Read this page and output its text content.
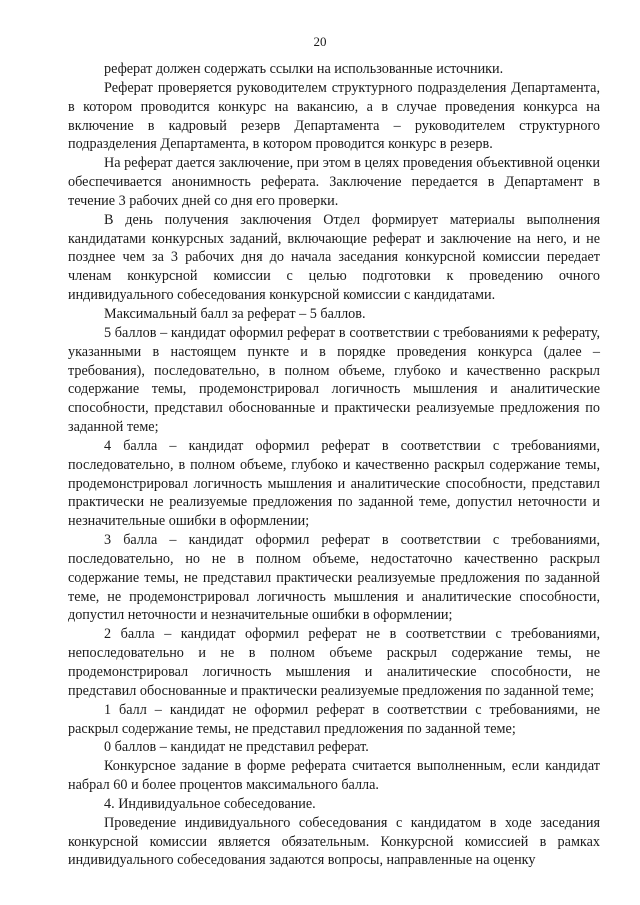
20

реферат должен содержать ссылки на использованные источники.

Реферат проверяется руководителем структурного подразделения Департамента, в котором проводится конкурс на вакансию, а в случае проведения конкурса на включение в кадровый резерв Департамента – руководителем структурного подразделения Департамента, в котором проводится конкурс в резерв.

На реферат дается заключение, при этом в целях проведения объективной оценки обеспечивается анонимность реферата. Заключение передается в Департамент в течение 3 рабочих дней со дня его проверки.

В день получения заключения Отдел формирует материалы выполнения кандидатами конкурсных заданий, включающие реферат и заключение на него, и не позднее чем за 3 рабочих дня до начала заседания конкурсной комиссии передает членам конкурсной комиссии с целью подготовки к проведению очного индивидуального собеседования конкурсной комиссии с кандидатами.

Максимальный балл за реферат – 5 баллов.

5 баллов – кандидат оформил реферат в соответствии с требованиями к реферату, указанными в настоящем пункте и в порядке проведения конкурса (далее – требования), последовательно, в полном объеме, глубоко и качественно раскрыл содержание темы, продемонстрировал логичность мышления и аналитические способности, представил обоснованные и практически реализуемые предложения по заданной теме;

4 балла – кандидат оформил реферат в соответствии с требованиями, последовательно, в полном объеме, глубоко и качественно раскрыл содержание темы, продемонстрировал логичность мышления и аналитические способности, представил практически не реализуемые предложения по заданной теме, допустил неточности и незначительные ошибки в оформлении;

3 балла – кандидат оформил реферат в соответствии с требованиями, последовательно, но не в полном объеме, недостаточно качественно раскрыл содержание темы, не представил практически реализуемые предложения по заданной теме, не продемонстрировал логичность мышления и аналитические способности, допустил неточности и незначительные ошибки в оформлении;

2 балла – кандидат оформил реферат не в соответствии с требованиями, непоследовательно и не в полном объеме раскрыл содержание темы, не продемонстрировал логичность мышления и аналитические способности, не представил обоснованные и практически реализуемые предложения по заданной теме;

1 балл – кандидат не оформил реферат в соответствии с требованиями, не раскрыл содержание темы, не представил предложения по заданной теме;

0 баллов – кандидат не представил реферат.

Конкурсное задание в форме реферата считается выполненным, если кандидат набрал 60 и более процентов максимального балла.

4. Индивидуальное собеседование.

Проведение индивидуального собеседования с кандидатом в ходе заседания конкурсной комиссии является обязательным. Конкурсной комиссией в рамках индивидуального собеседования задаются вопросы, направленные на оценку
